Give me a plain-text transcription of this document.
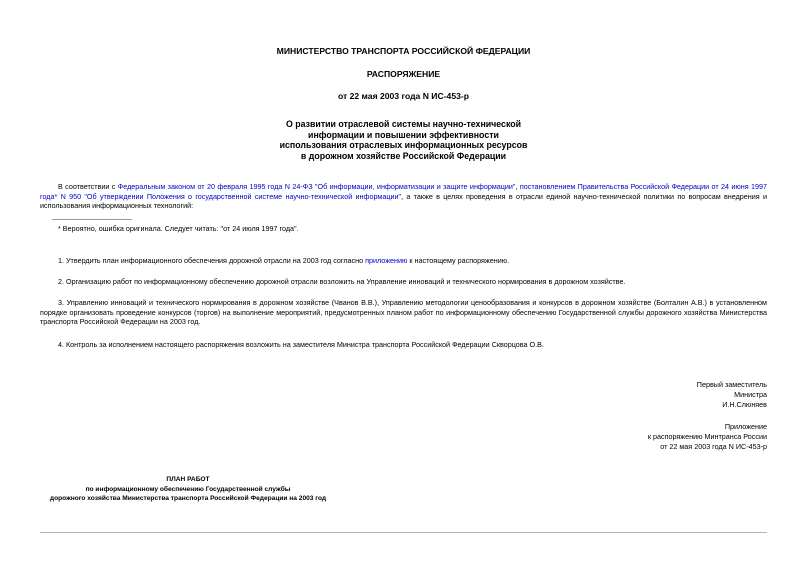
МИНИСТЕРСТВО ТРАНСПОРТА РОССИЙСКОЙ ФЕДЕРАЦИИ
РАСПОРЯЖЕНИЕ
от 22 мая 2003 года N ИС-453-р
О развитии отраслевой системы научно-технической
информации и повышении эффективности
использования отраслевых информационных ресурсов
в дорожном хозяйстве Российской Федерации
В соответствии с Федеральным законом от 20 февраля 1995 года N 24-ФЗ "Об информации, информатизации и защите информации", постановлением Правительства Российской Федерации от 24 июня 1997 года* N 950 "Об утверждении Положения о государственной системе научно-технической информации", а также в целях проведения в отрасли единой научно-технической политики по вопросам внедрения и использования информационных технологий:
* Вероятно, ошибка оригинала. Следует читать: "от 24 июля 1997 года".
1. Утвердить план информационного обеспечения дорожной отрасли на 2003 год согласно приложению к настоящему распоряжению.
2. Организацию работ по информационному обеспечению дорожной отрасли возложить на Управление инноваций и технического нормирования в дорожном хозяйстве.
3. Управлению инноваций и технического нормирования в дорожном хозяйстве (Чванов В.В.), Управлению методологии ценообразования и конкурсов в дорожном хозяйстве (Болталин А.В.) в установленном порядке организовать проведение конкурсов (торгов) на выполнение мероприятий, предусмотренных планом работ по информационному обеспечению Государственной службы дорожного хозяйства Министерства транспорта Российской Федерации на 2003 год.
4. Контроль за исполнением настоящего распоряжения возложить на заместителя Министра транспорта Российской Федерации Скворцова О.В.
Первый заместитель
Министра
И.Н.Слюняев
Приложение
к распоряжению Минтранса России
от 22 мая 2003 года N ИС-453-р
ПЛАН РАБОТ
по информационному обеспечению Государственной службы
дорожного хозяйства Министерства транспорта Российской Федерации на 2003 год
